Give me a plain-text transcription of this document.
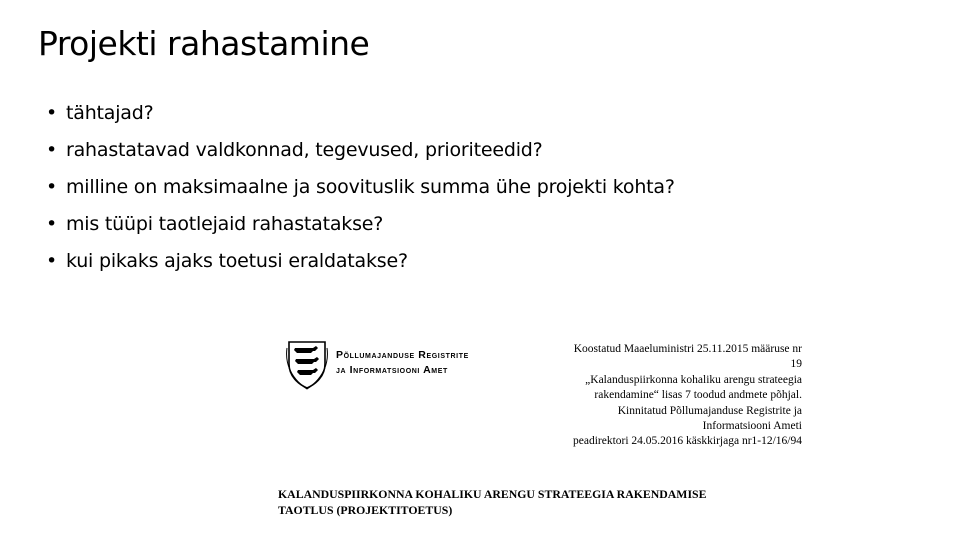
Projekti rahastamine
• tähtajad?
• rahastatavad valdkonnad, tegevused, prioriteedid?
• milline on maksimaalne ja soovituslik summa ühe projekti kohta?
• mis tüüpi taotlejaid rahastatakse?
• kui pikaks ajaks toetusi eraldatakse?
Põllumajanduse Registrite
ja Informatsiooni Amet
Koostatud Maaeluministri 25.11.2015 määruse nr
19
„Kalanduspiirkonna kohaliku arengu strateegia
rakendamine“ lisas 7 toodud andmete põhjal.
Kinnitatud Põllumajanduse Registrite ja
Informatsiooni Ameti
peadirektori 24.05.2016 käskkirjaga nr1-12/16/94
KALANDUSPIIRKONNA KOHALIKU ARENGU STRATEEGIA RAKENDAMISE
TAOTLUS (PROJEKTITOETUS)
